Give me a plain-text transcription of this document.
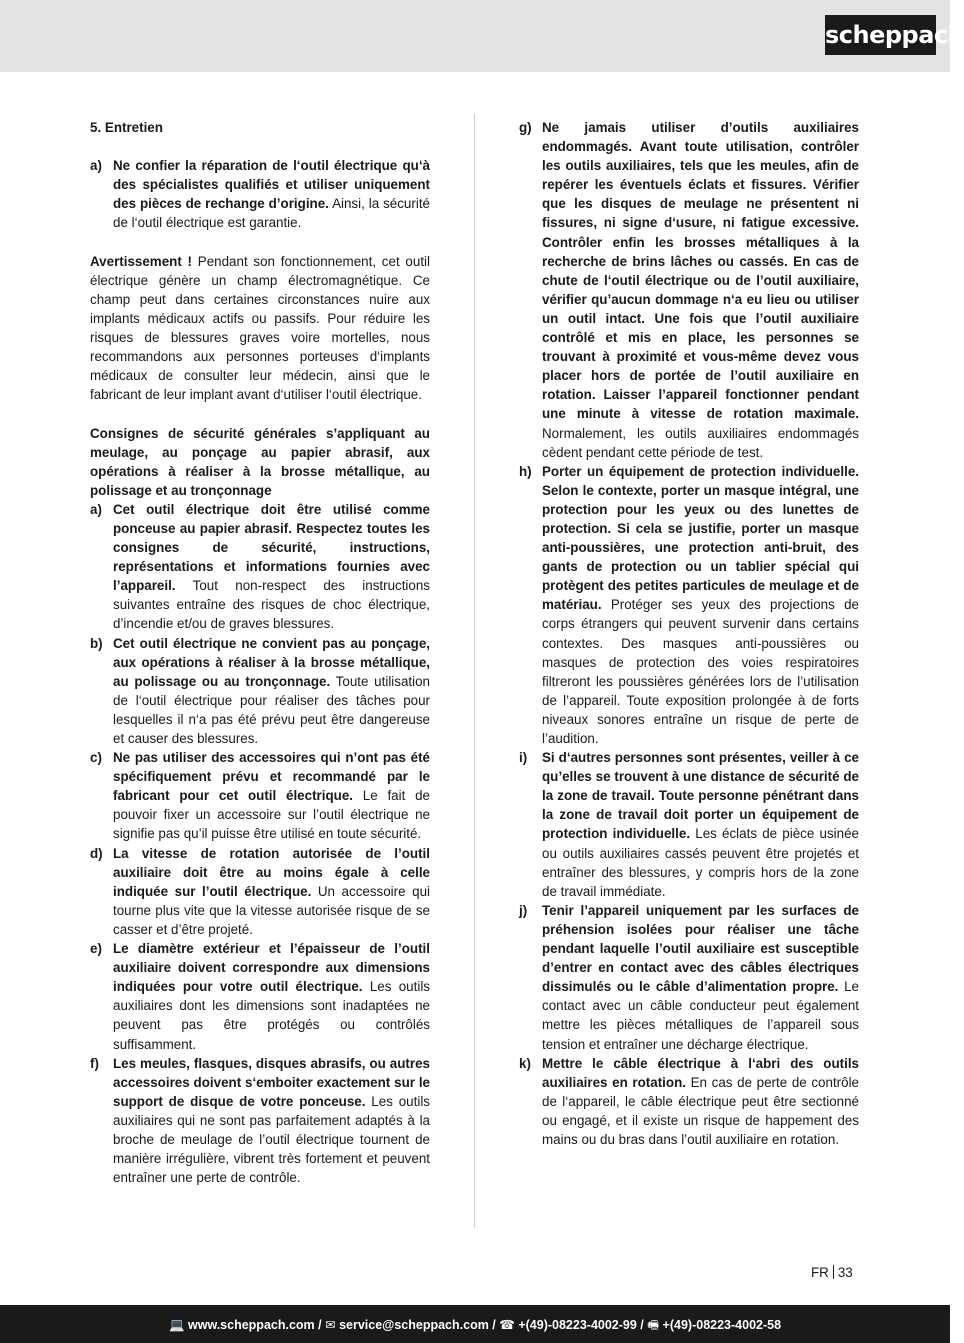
scheppach

5. Entretien

a) Ne confier la réparation de l‘outil électrique qu‘à des spécialistes qualifiés et utiliser uniquement des pièces de rechange d’origine. Ainsi, la sécurité de l‘outil électrique est garantie.

Avertissement ! Pendant son fonctionnement, cet outil électrique génère un champ électromagnétique. Ce champ peut dans certaines circonstances nuire aux implants médicaux actifs ou passifs. Pour réduire les risques de blessures graves voire mortelles, nous recommandons aux personnes porteuses d‘implants médicaux de consulter leur médecin, ainsi que le fabricant de leur implant avant d‘utiliser l‘outil électrique.

Consignes de sécurité générales s’appliquant au meulage, au ponçage au papier abrasif, aux opérations à réaliser à la brosse métallique, au polissage et au tronçonnage

a) Cet outil électrique doit être utilisé comme ponceuse au papier abrasif. Respectez toutes les consignes de sécurité, instructions, représentations et informations fournies avec l’appareil. Tout non-respect des instructions suivantes entraîne des risques de choc électrique, d’incendie et/ou de graves blessures.

b) Cet outil électrique ne convient pas au ponçage, aux opérations à réaliser à la brosse métallique, au polissage ou au tronçonnage. Toute utilisation de l‘outil électrique pour réaliser des tâches pour lesquelles il n‘a pas été prévu peut être dangereuse et causer des blessures.

c) Ne pas utiliser des accessoires qui n’ont pas été spécifiquement prévu et recommandé par le fabricant pour cet outil électrique. Le fait de pouvoir fixer un accessoire sur l’outil électrique ne signifie pas qu’il puisse être utilisé en toute sécurité.

d) La vitesse de rotation autorisée de l’outil auxiliaire doit être au moins égale à celle indiquée sur l’outil électrique. Un accessoire qui tourne plus vite que la vitesse autorisée risque de se casser et d’être projeté.

e) Le diamètre extérieur et l’épaisseur de l’outil auxiliaire doivent correspondre aux dimensions indiquées pour votre outil électrique. Les outils auxiliaires dont les dimensions sont inadaptées ne peuvent pas être protégés ou contrôlés suffisamment.

f)	Les meules, flasques, disques abrasifs, ou autres accessoires doivent s‘emboiter exactement sur le support de disque de votre ponceuse. Les outils auxiliaires qui ne sont pas parfaitement adaptés à la broche de meulage de l’outil électrique tournent de manière irrégulière, vibrent très fortement et peuvent entraîner une perte de contrôle.

g) Ne jamais utiliser d’outils auxiliaires endommagés. Avant toute utilisation, contrôler les outils auxiliaires, tels que les meules, afin de repérer les éventuels éclats et fissures. Vérifier que les disques de meulage ne présentent ni fissures, ni signe d‘usure, ni fatigue excessive. Contrôler enfin les brosses métalliques à la recherche de brins lâches ou cassés. En cas de chute de l‘outil électrique ou de l’outil auxiliaire, vérifier qu’aucun dommage n‘a eu lieu ou utiliser un outil intact. Une fois que l’outil auxiliaire contrôlé et mis en place, les personnes se trouvant à proximité et vous-même devez vous placer hors de portée de l’outil auxiliaire en rotation. Laisser l’appareil fonctionner pendant une minute à vitesse de rotation maximale. Normalement, les outils auxiliaires endommagés cèdent pendant cette période de test.

h) Porter un équipement de protection individuelle. Selon le contexte, porter un masque intégral, une protection pour les yeux ou des lunettes de protection. Si cela se justifie, porter un masque anti-poussières, une protection anti-bruit, des gants de protection ou un tablier spécial qui protègent des petites particules de meulage et de matériau. Protéger ses yeux des projections de corps étrangers qui peuvent survenir dans certains contextes. Des masques anti-poussières ou masques de protection des voies respiratoires filtreront les poussières générées lors de l’utilisation de l’appareil. Toute exposition prolongée à de forts niveaux sonores entraîne un risque de perte de l’audition.

i)	Si d‘autres personnes sont présentes, veiller à ce qu’elles se trouvent à une distance de sécurité de la zone de travail. Toute personne pénétrant dans la zone de travail doit porter un équipement de protection individuelle. Les éclats de pièce usinée ou outils auxiliaires cassés peuvent être projetés et entraîner des blessures, y compris hors de la zone de travail immédiate.

j)	Tenir l’appareil uniquement par les surfaces de préhension isolées pour réaliser une tâche pendant laquelle l’outil auxiliaire est susceptible d’entrer en contact avec des câbles électriques dissimulés ou le câble d’alimentation propre. Le contact avec un câble conducteur peut également mettre les pièces métalliques de l’appareil sous tension et entraîner une décharge électrique.

k) Mettre le câble électrique à l‘abri des outils auxiliaires en rotation. En cas de perte de contrôle de l‘appareil, le câble électrique peut être sectionné ou engagé, et il existe un risque de happement des mains ou du bras dans l’outil auxiliaire en rotation.

FR 33
💻 www.scheppach.com / ✉ service@scheppach.com / ☎ +(49)-08223-4002-99 / 🖷 +(49)-08223-4002-58
